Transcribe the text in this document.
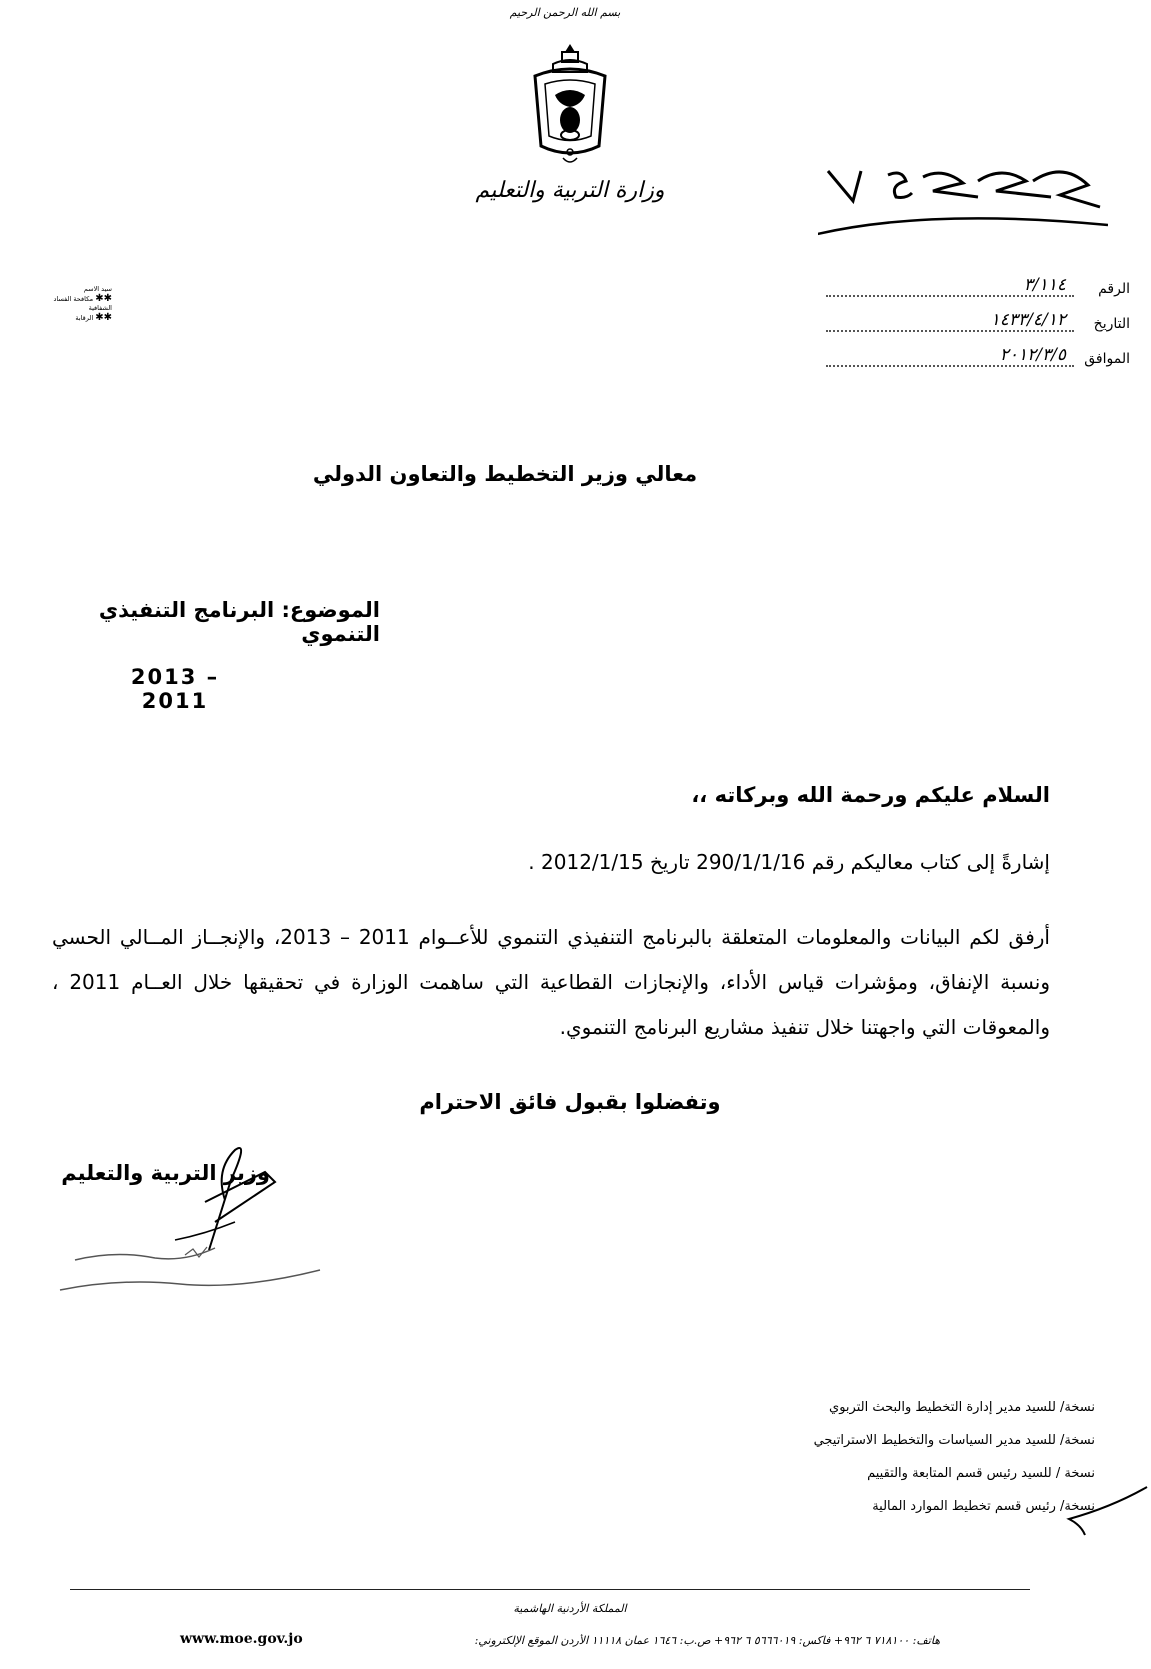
بسم الله الرحمن الرحيم
وزارة التربية والتعليم
الرقم
٣/١١٤
التاريخ
١٤٣٣/٤/١٢
الموافق
٢٠١٢/٣/٥
سيد الاسم
✱✱ مكافحة الفساد
الشفافية
✱✱ الرقابة
معالي وزير التخطيط والتعاون الدولي
الموضوع: البرنامج التنفيذي التنموي
2013 – 2011
السلام عليكم ورحمة الله وبركاته ،،
إشارةً إلى كتاب معاليكم رقم 290/1/1/16 تاريخ 2012/1/15 .
أرفق لكم البيانات والمعلومات المتعلقة بالبرنامج التنفيذي التنموي للأعــوام 2011 – 2013، والإنجــاز المــالي الحسي ونسبة الإنفاق، ومؤشرات قياس الأداء، والإنجازات القطاعية التي ساهمت الوزارة في تحقيقها خلال العــام 2011 ، والمعوقات التي واجهتنا خلال تنفيذ مشاريع البرنامج التنموي.
وتفضلوا بقبول فائق الاحترام
وزير التربية والتعليم
نسخة/ للسيد مدير إدارة التخطيط والبحث التربوي
نسخة/ للسيد مدير السياسات والتخطيط الاستراتيجي
نسخة / للسيد رئيس قسم المتابعة والتقييم
نسخة/ رئيس قسم تخطيط الموارد المالية
المملكة الأردنية الهاشمية
هاتف: ٧١٨١٠٠ ٦ ٩٦٢+ فاكس: ٥٦٦٦٠١٩ ٦ ٩٦٢+ ص.ب: ١٦٤٦ عمان ١١١١٨ الأردن الموقع الإلكتروني:
www.moe.gov.jo
